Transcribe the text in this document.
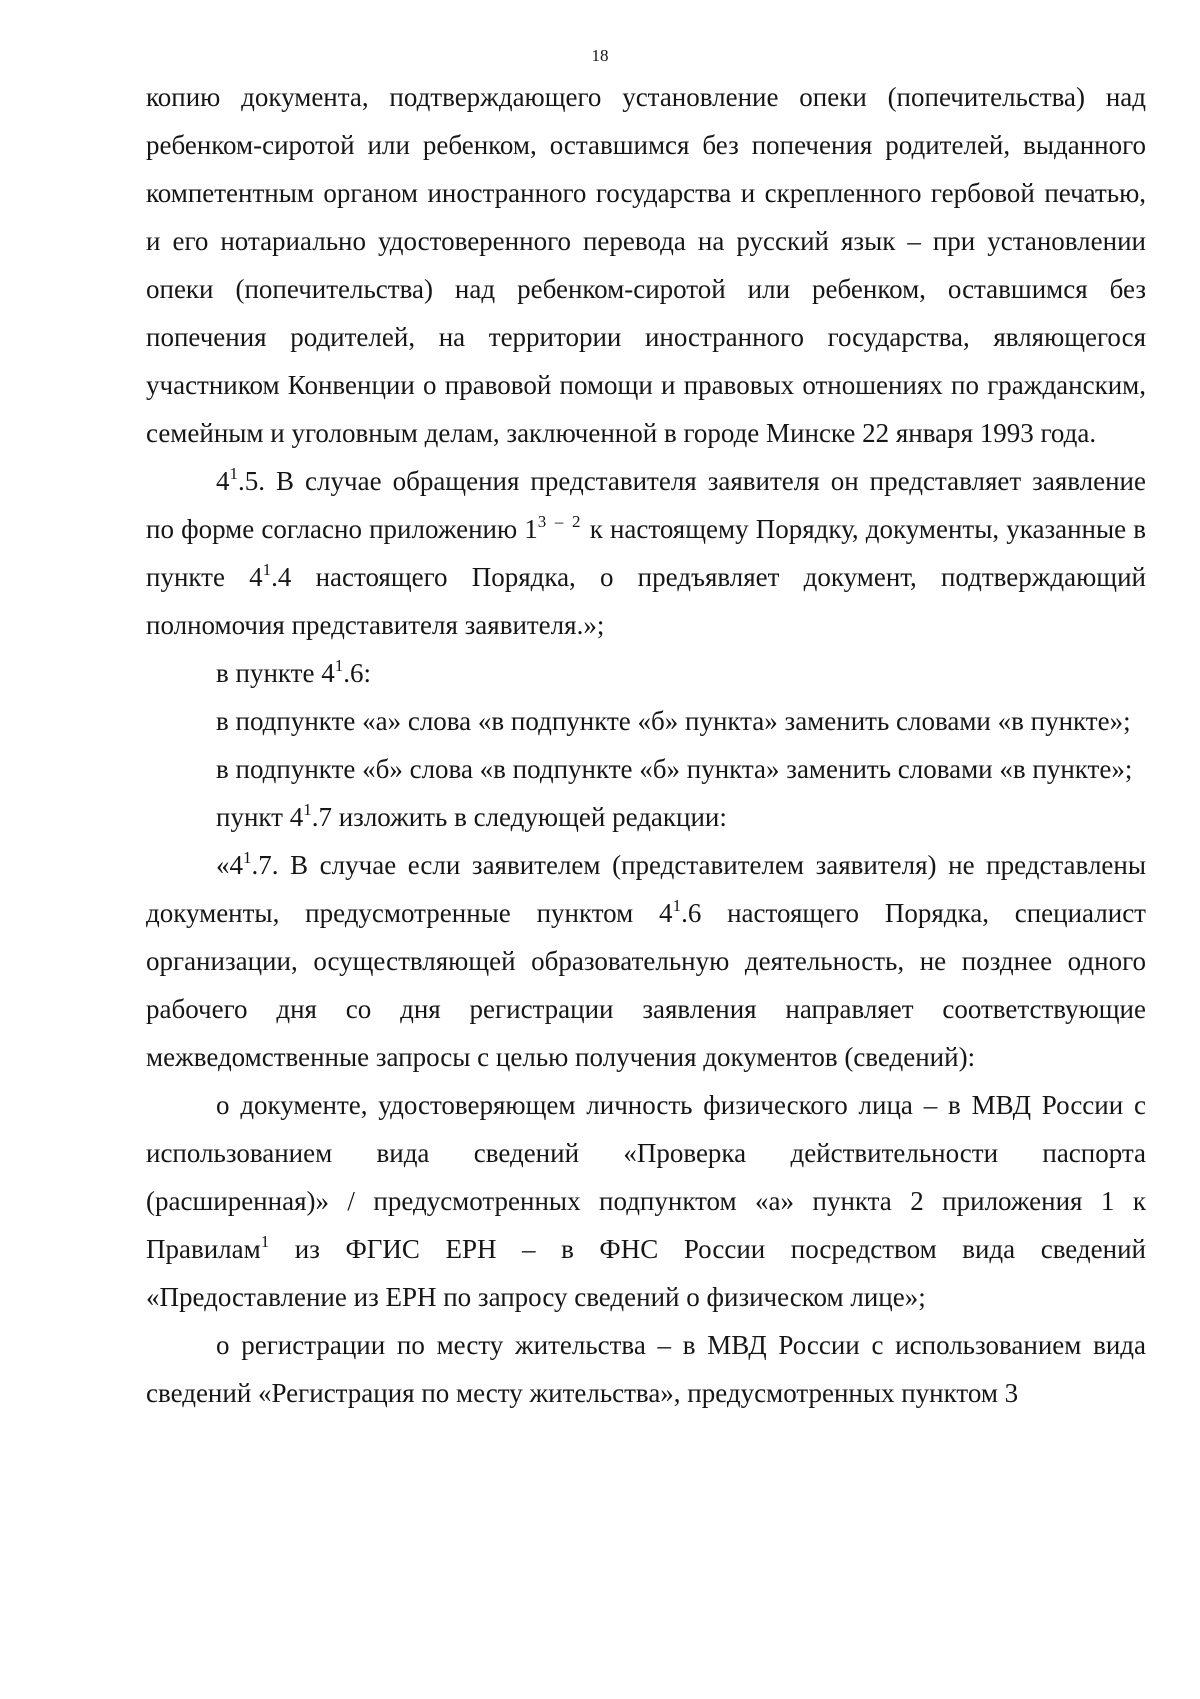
18

копию документа, подтверждающего установление опеки (попечительства) над ребенком-сиротой или ребенком, оставшимся без попечения родителей, выданного компетентным органом иностранного государства и скрепленного гербовой печатью, и его нотариально удостоверенного перевода на русский язык – при установлении опеки (попечительства) над ребенком-сиротой или ребенком, оставшимся без попечения родителей, на территории иностранного государства, являющегося участником Конвенции о правовой помощи и правовых отношениях по гражданским, семейным и уголовным делам, заключенной в городе Минске 22 января 1993 года.

$4^1.5$. В случае обращения представителя заявителя он представляет заявление по форме согласно приложению 1$^{3 - 2}$ к настоящему Порядку, документы, указанные в пункте $4^1.4$ настоящего Порядка, о предъявляет документ, подтверждающий полномочия представителя заявителя.»;

в пункте $4^1.6$:

в подпункте «а» слова «в подпункте «б» пункта» заменить словами «в пункте»;

в подпункте «б» слова «в подпункте «б» пункта» заменить словами «в пункте»;

пункт $4^1.7$ изложить в следующей редакции:

«$4^1.7$. В случае если заявителем (представителем заявителя) не представлены документы, предусмотренные пунктом $4^1.6$ настоящего Порядка, специалист организации, осуществляющей образовательную деятельность, не позднее одного рабочего дня со дня регистрации заявления направляет соответствующие межведомственные запросы с целью получения документов (сведений):

о документе, удостоверяющем личность физического лица – в МВД России с использованием вида сведений «Проверка действительности паспорта (расширенная)» / предусмотренных подпунктом «а» пункта 2 приложения 1 к Правилам$^1$ из ФГИС ЕРН – в ФНС России посредством вида сведений «Предоставление из ЕРН по запросу сведений о физическом лице»;

о регистрации по месту жительства – в МВД России с использованием вида сведений «Регистрация по месту жительства», предусмотренных пунктом 3
